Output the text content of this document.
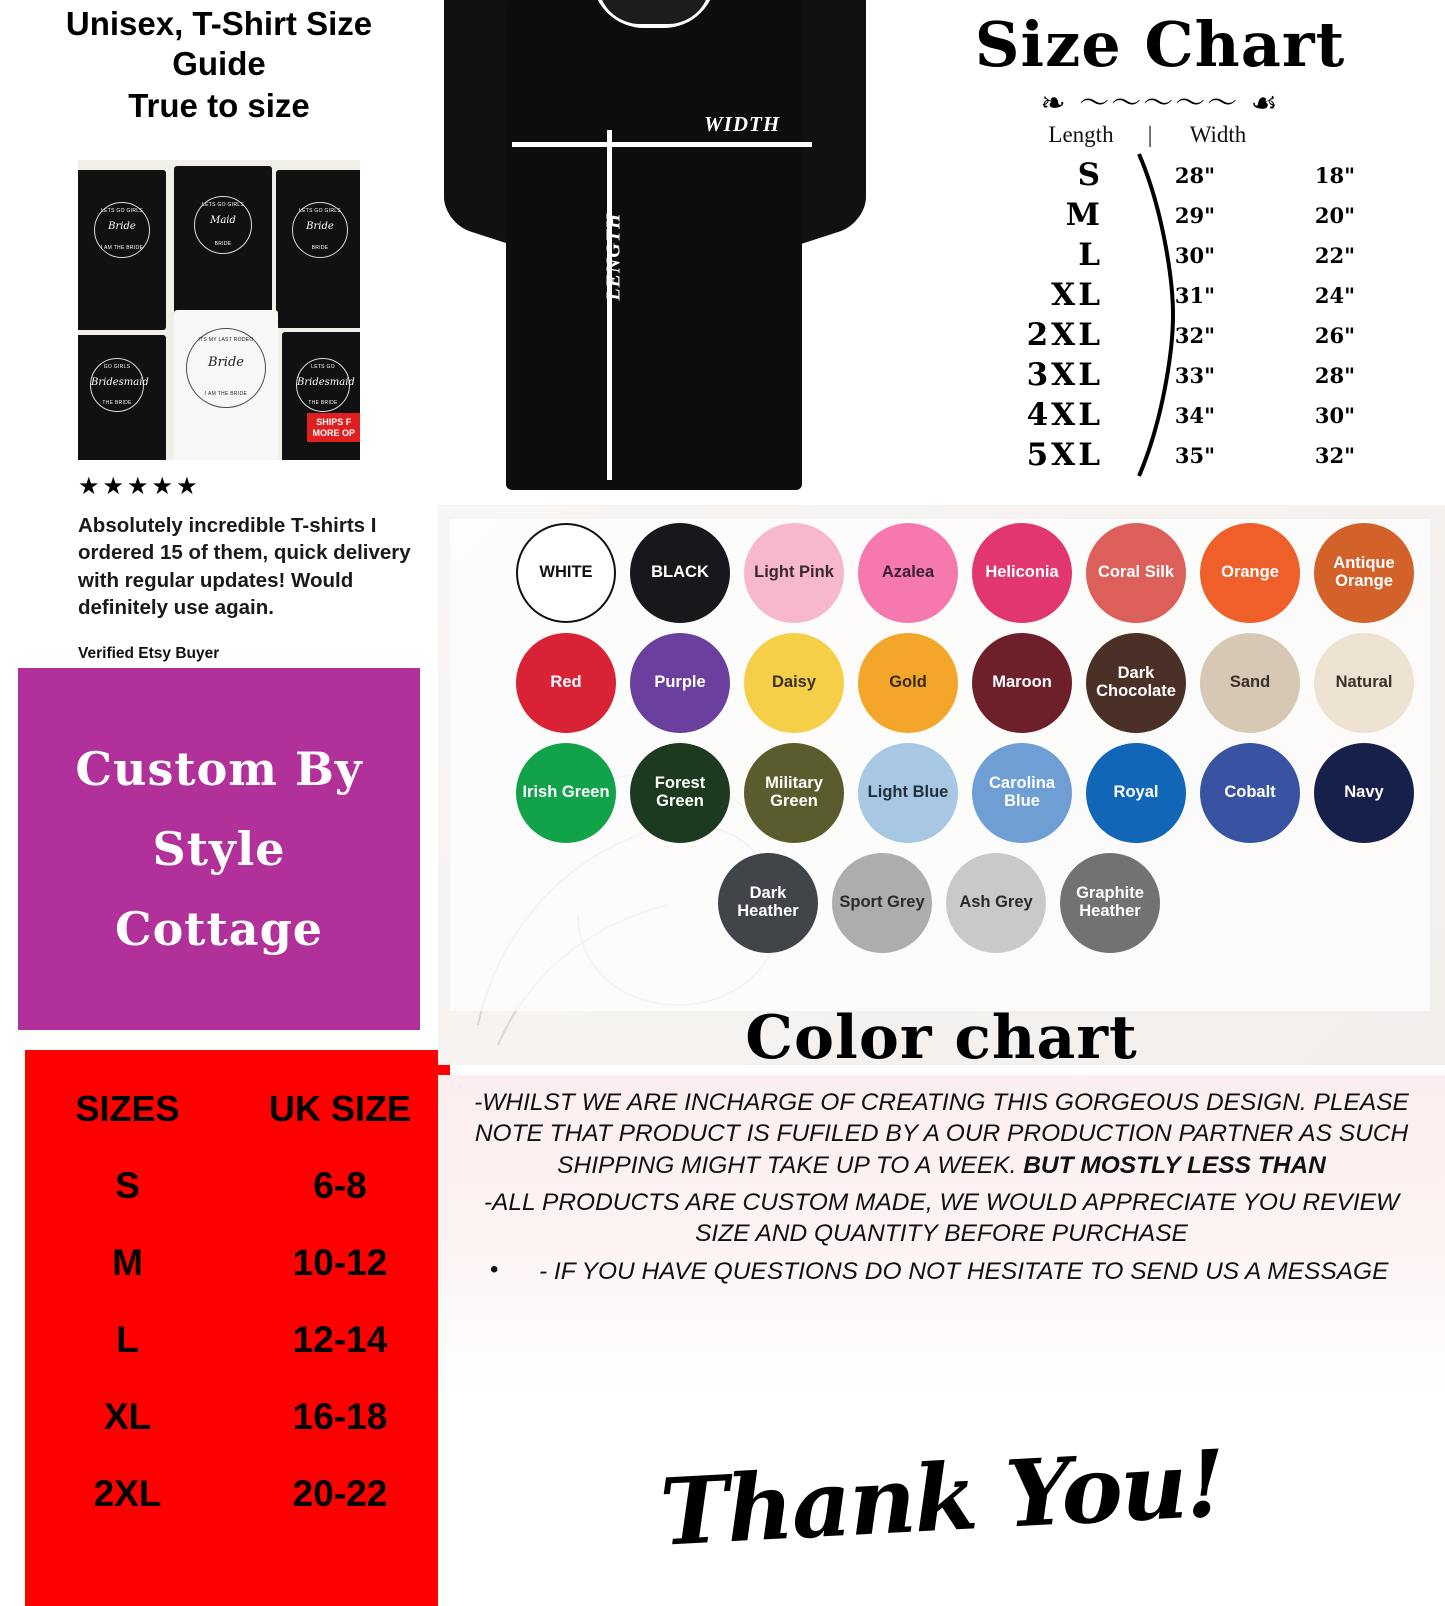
Unisex, T-Shirt Size
Guide
True to size
LETS GO GIRLS
Bride
I AM THE BRIDE
LETS GO GIRLS
Maid
BRIDE
LETS GO GIRLS
Bride
BRIDE
ITS MY LAST RODEO
Bride
I AM THE BRIDE
GO GIRLS
Bridesmaid
THE BRIDE
LETS GO
Bridesmaid
THE BRIDE
SHIPS F
MORE OP
★★★★★
Absolutely incredible T-shirts I ordered 15 of them, quick delivery with regular updates! Would definitely use again.
Verified Etsy Buyer
Custom By
Style
Cottage
SIZES	UK SIZE
S	6-8
M	10-12
L	12-14
XL	16-18
2XL	20-22
WIDTH
LENGTH
Size Chart
❧ ～～～～～ ☙
Length | Width
S	28"	18"
M	29"	20"
L	30"	22"
XL	31"	24"
2XL	32"	26"
3XL	33"	28"
4XL	34"	30"
5XL	35"	32"
WHITE	BLACK	Light Pink	Azalea	Heliconia	Coral Silk	Orange	Antique Orange
Red	Purple	Daisy	Gold	Maroon	Dark Chocolate	Sand	Natural
Irish Green	Forest Green
Military Green	Light Blue	Carolina Blue	Royal	Cobalt	Navy
Dark Heather	Sport Grey	Ash Grey	Graphite Heather
Color chart

-WHILST WE ARE INCHARGE OF CREATING THIS GORGEOUS DESIGN. PLEASE NOTE THAT PRODUCT IS FUFILED BY A OUR PRODUCTION PARTNER AS SUCH SHIPPING MIGHT TAKE UP TO A WEEK. BUT MOSTLY LESS THAN

-ALL PRODUCTS ARE CUSTOM MADE, WE WOULD APPRECIATE YOU REVIEW SIZE AND QUANTITY BEFORE PURCHASE

•	- IF YOU HAVE QUESTIONS DO NOT HESITATE TO SEND US A MESSAGE

Thank You!
